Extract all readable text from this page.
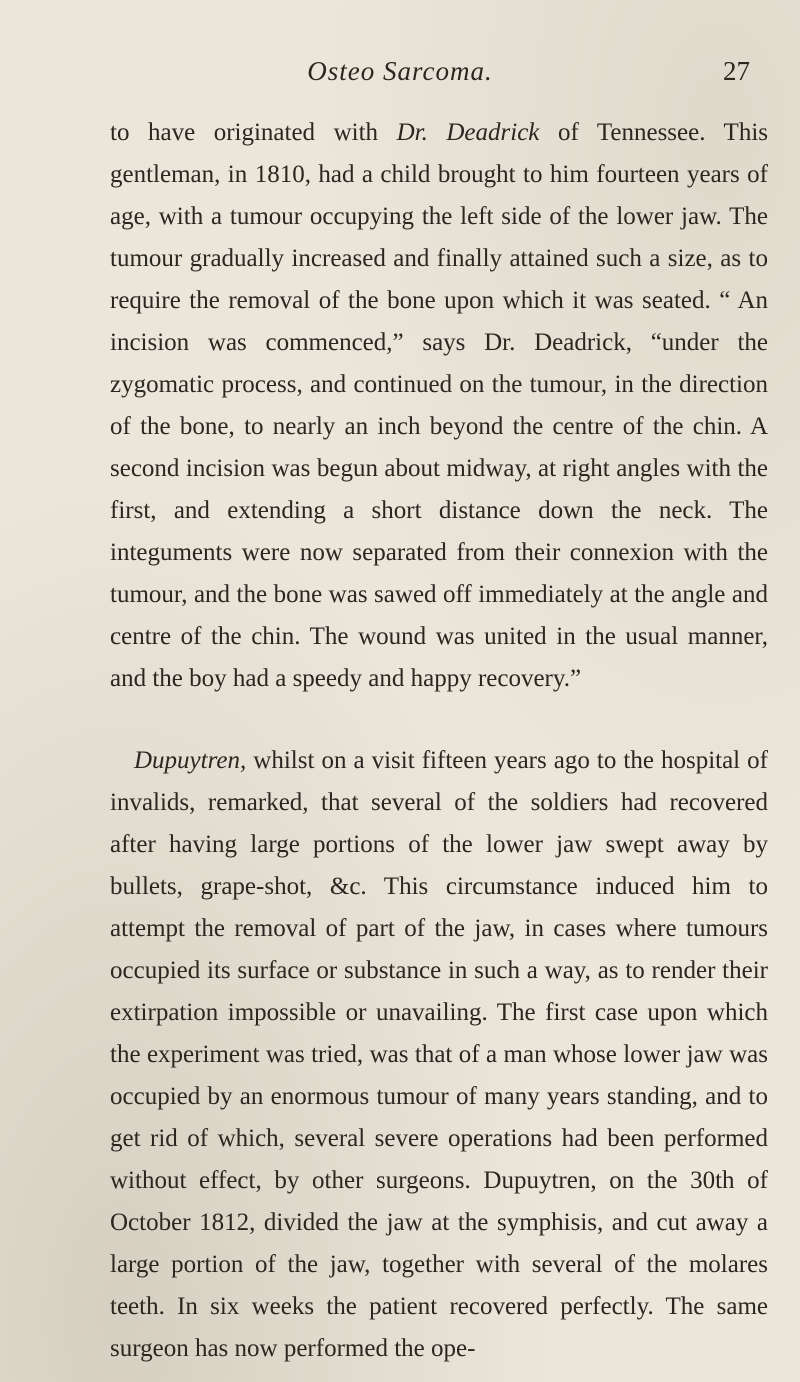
Osteo Sarcoma.	27

to have originated with Dr. Deadrick of Tennessee. This gentleman, in 1810, had a child brought to him fourteen years of age, with a tumour occupying the left side of the lower jaw. The tumour gradually increased and finally attained such a size, as to require the removal of the bone upon which it was seated. “ An incision was commenced,” says Dr. Deadrick, “under the zygomatic process, and continued on the tumour, in the direction of the bone, to nearly an inch beyond the centre of the chin. A second incision was begun about midway, at right angles with the first, and extending a short distance down the neck. The integuments were now separated from their connexion with the tumour, and the bone was sawed off immediately at the angle and centre of the chin. The wound was united in the usual manner, and the boy had a speedy and happy recovery.”

Dupuytren, whilst on a visit fifteen years ago to the hospital of invalids, remarked, that several of the soldiers had recovered after having large portions of the lower jaw swept away by bullets, grape-shot, &c. This circumstance induced him to attempt the removal of part of the jaw, in cases where tumours occupied its surface or substance in such a way, as to render their extirpation impossible or unavailing. The first case upon which the experiment was tried, was that of a man whose lower jaw was occupied by an enormous tumour of many years standing, and to get rid of which, several severe operations had been performed without effect, by other surgeons. Dupuytren, on the 30th of October 1812, divided the jaw at the symphisis, and cut away a large portion of the jaw, together with several of the molares teeth. In six weeks the patient recovered perfectly. The same surgeon has now performed the ope-
